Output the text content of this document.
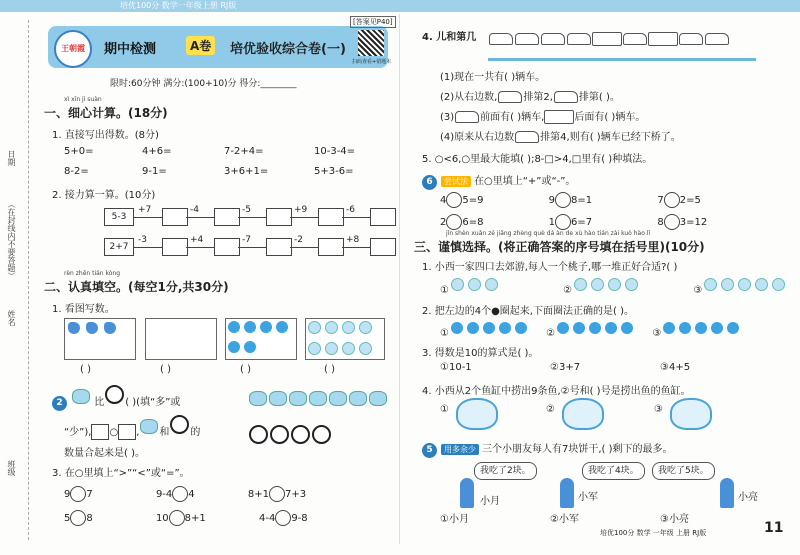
培优100分 数学一年级上册 RJ版
日期
（在封线内不要答题）
姓名
班级
王朝霞	期中检测	A卷	培优验收综合卷(一)
[答案见P40]
扫码查看+错题本
限时:60分钟 满分:(100+10)分 得分:________
xì xīn jì suàn
一、细心计算。(18分)
1. 直接写出得数。(8分)
5+0=	4+6=	7-2+4=	10-3-4=
8-2=	9-1=	3+6+1=	5+3-6=
2. 接力算一算。(10分)
5-3
+7	-4	-5	+9	-6
2+7
-3	+4	-7	-2	+8
rèn zhēn tián kòng
二、认真填空。(每空1分,共30分)
1. 看图写数。
( )	( )	( )	( )
2	比 ( )(填“多”或
“少”), ○ , 和 的
数量合起来是( )。
3. 在○里填上“>”“<”或“=”。
9 7	9-4 4	8+1 7+3
5 8	10 8+1	4-4 9-8
4. 儿和第几
(1)现在一共有( )辆车。
(2)从右边数,	排第2,	排第( )。
(3)	前面有( )辆车,	后面有( )辆车。
(4)原来从右边数	排第4,则有( )辆车已经下桥了。
5. ○<6,○里最大能填( );8-□>4,□里有( )种填法。
6 尝试法 在○里填上“+”或“-”。
4 5=9	9 8=1	7 2=5
2 6=8	1 6=7	8 3=12
jǐn shèn xuǎn zé jiāng zhèng què dá àn de xù hào tián zài kuò hào lǐ
三、谨慎选择。(将正确答案的序号填在括号里)(10分)
1. 小西一家四口去郊游,每人一个桃子,哪一堆正好合适?( )
①	②	③
2. 把左边的4个●圈起来,下面圈法正确的是( )。
①	②	③
3. 得数是10的算式是( )。
①10-1	②3+7	③4+5
4. 小西从2个鱼缸中捞出9条鱼,②号和( )号是捞出鱼的鱼缸。
①	②	③
5 用多余少 三个小朋友每人有7块饼干,( )剩下的最多。
我吃了2块。	我吃了4块。	我吃了5块。
小月	小军	小亮
①小月	②小军	③小亮
培优100分 数学 一年级 上册 RJ版	11
